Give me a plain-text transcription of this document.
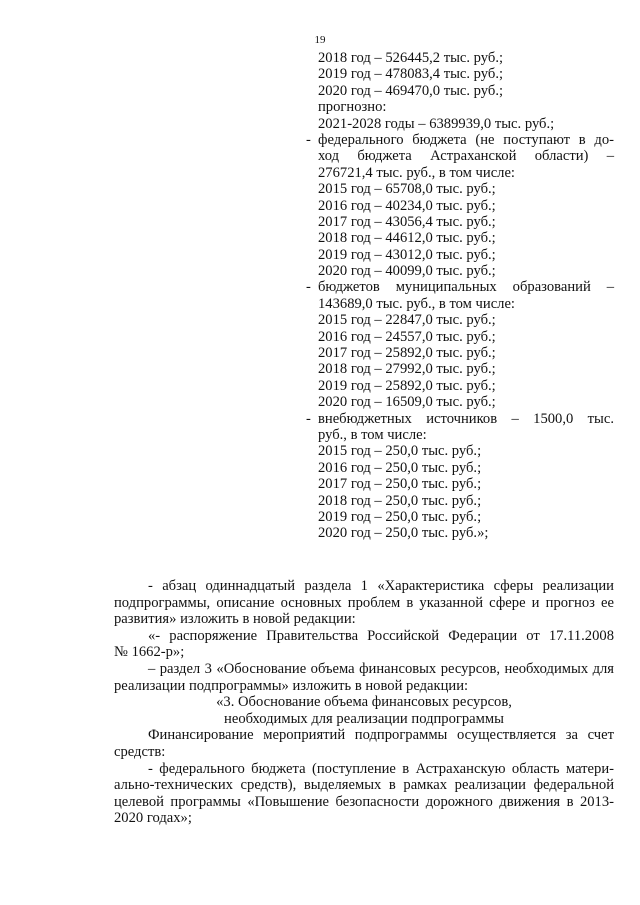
19
2018 год – 526445,2 тыс. руб.;
2019 год – 478083,4 тыс. руб.;
2020 год – 469470,0 тыс. руб.;
прогнозно:
2021-2028 годы – 6389939,0 тыс. руб.;
- федерального бюджета (не поступают в до-
ход бюджета Астраханской области) –
276721,4 тыс. руб., в том числе:
2015 год – 65708,0 тыс. руб.;
2016 год – 40234,0 тыс. руб.;
2017 год – 43056,4 тыс. руб.;
2018 год – 44612,0 тыс. руб.;
2019 год – 43012,0 тыс. руб.;
2020 год – 40099,0 тыс. руб.;
- бюджетов муниципальных образований –
143689,0 тыс. руб., в том числе:
2015 год – 22847,0 тыс. руб.;
2016 год – 24557,0 тыс. руб.;
2017 год – 25892,0 тыс. руб.;
2018 год – 27992,0 тыс. руб.;
2019 год – 25892,0 тыс. руб.;
2020 год – 16509,0 тыс. руб.;
- внебюджетных источников – 1500,0 тыс.
руб., в том числе:
2015 год – 250,0 тыс. руб.;
2016 год – 250,0 тыс. руб.;
2017 год – 250,0 тыс. руб.;
2018 год – 250,0 тыс. руб.;
2019 год – 250,0 тыс. руб.;
2020 год – 250,0 тыс. руб.»;
- абзац одиннадцатый раздела 1 «Характеристика сферы реализации
подпрограммы, описание основных проблем в указанной сфере и прогноз ее
развития» изложить в новой редакции:
«- распоряжение Правительства Российской Федерации от 17.11.2008
№ 1662-р»;
– раздел 3 «Обоснование объема финансовых ресурсов, необходимых для
реализации подпрограммы» изложить в новой редакции:
«3. Обоснование объема финансовых ресурсов,
необходимых для реализации подпрограммы
Финансирование мероприятий подпрограммы осуществляется за счет
средств:
- федерального бюджета (поступление в Астраханскую область матери-
ально-технических средств), выделяемых в рамках реализации федеральной
целевой программы «Повышение безопасности дорожного движения в 2013-
2020 годах»;
